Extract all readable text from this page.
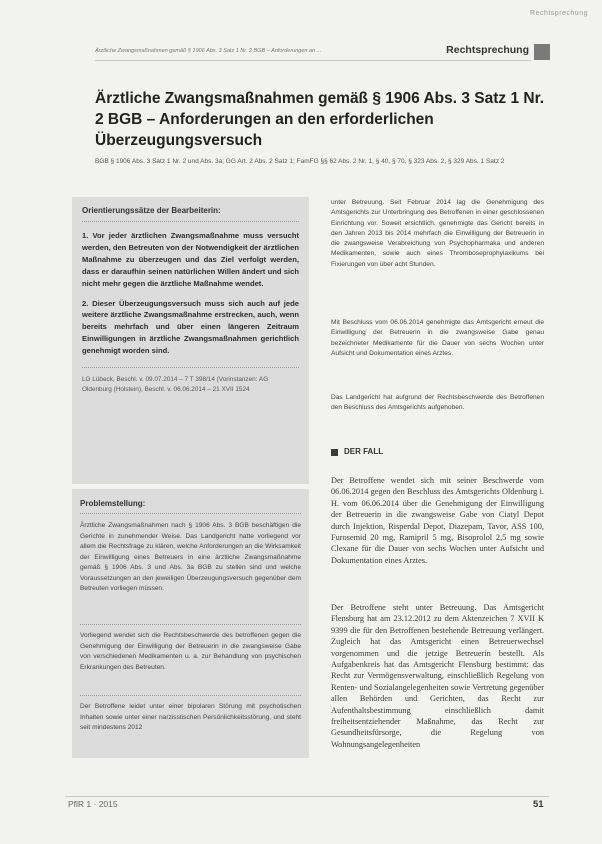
Rechtsprechung
Ärztliche Zwangsmaßnahmen gemäß § 1906 Abs. 3 Satz 1 Nr. 2 BGB – Anforderungen an ...	Rechtsprechung
Ärztliche Zwangsmaßnahmen gemäß § 1906 Abs. 3 Satz 1 Nr. 2 BGB – Anforderungen an den erforderlichen Überzeugungsversuch
BGB § 1906 Abs. 3 Satz 1 Nr. 2 und Abs. 3a; GG Art. 2 Abs. 2 Satz 1; FamFG §§ 62 Abs. 2 Nr. 1, § 40, § 70, § 323 Abs. 2, § 329 Abs. 1 Satz 2
Orientierungssätze der Bearbeiterin:

1. Vor jeder ärztlichen Zwangsmaßnahme muss versucht werden, den Betreuten von der Notwendigkeit der ärztlichen Maßnahme zu überzeugen und das Ziel verfolgt werden, dass er daraufhin seinen natürlichen Willen ändert und sich nicht mehr gegen die ärztliche Maßnahme wendet.

2. Dieser Überzeugungsversuch muss sich auch auf jede weitere ärztliche Zwangsmaßnahme erstrecken, auch, wenn bereits mehrfach und über einen längeren Zeitraum Einwilligungen in ärztliche Zwangsmaßnahmen gerichtlich genehmigt worden sind.

LG Lübeck, Beschl. v. 09.07.2014 – 7 T 398/14 (Vorinstanzen: AG Oldenburg (Holstein), Beschl. v. 06.06.2014 – 21 XVII 1524
Problemstellung:

Ärztliche Zwangsmaßnahmen nach § 1906 Abs. 3 BGB beschäftigen die Gerichte in zunehmender Weise. Das Landgericht hatte vorliegend vor allem die Rechtsfrage zu klären, welche Anforderungen an die Wirksamkeit der Einwilligung eines Betreuers in eine ärztliche Zwangsmaßnahme gemäß § 1906 Abs. 3 und Abs. 3a BGB zu stellen sind und welche Voraussetzungen an den jeweiligen Überzeugungsversuch gegenüber dem Betreuten vorliegen müssen.

Vorliegend wendet sich die Rechtsbeschwerde des betroffenen gegen die Genehmigung der Einwilligung der Betreuerin in die zwangsweise Gabe von verschiedenen Medikamenten u. a. zur Behandlung von psychischen Erkrankungen des Betreuten.

Der Betroffene leidet unter einer bipolaren Störung mit psychotischen Inhalten sowie unter einer narzisstischen Persönlichkeitsstörung, und steht seit mindestens 2012

unter Betreuung. Seit Februar 2014 lag die Genehmigung des Amtsgerichts zur Unterbringung des Betroffenen in einer geschlossenen Einrichtung vor. Soweit ersichtlich, genehmigte das Gericht bereits in den Jahren 2013 bis 2014 mehrfach die Einwilligung der Betreuerin in die zwangsweise Verabreichung von Psychopharmaka und anderen Medikamenten, sowie auch eines Thromboseprophylaxikums bei Fixierungen von über acht Stunden.

Mit Beschluss vom 06.06.2014 genehmigte das Amtsgericht erneut die Einwilligung der Betreuerin in die zwangsweise Gabe genau bezeichneter Medikamente für die Dauer von sechs Wochen unter Aufsicht und Dokumentation eines Arztes.

Das Landgericht hat aufgrund der Rechtsbeschwerde des Betroffenen den Beschluss des Amtsgerichts aufgehoben.

DER FALL

Der Betroffene wendet sich mit seiner Beschwerde vom 06.06.2014 gegen den Beschluss des Amtsgerichts Oldenburg i. H. vom 06.06.2014 über die Genehmigung der Einwilligung der Betreuerin in die zwangsweise Gabe von Ciatyl Depot durch Injektion, Risperdal Depot, Diazepam, Tavor, ASS 100, Furosemid 20 mg, Ramipril 5 mg, Bisoprolol 2,5 mg sowie Clexane für die Dauer von sechs Wochen unter Aufsicht und Dokumentation eines Arztes.

Der Betroffene steht unter Betreuung. Das Amtsgericht Flensburg hat am 23.12.2012 zu dem Aktenzeichen 7 XVII K 9399 die für den Betroffenen bestehende Betreuung verlängert. Zugleich hat das Amtsgericht einen Betreuerwechsel vorgenommen und die jetzige Betreuerin bestellt. Als Aufgabenkreis hat das Amtsgericht Flensburg bestimmt: das Recht zur Vermögensverwaltung, einschließlich Regelung von Renten- und Sozialangelegenheiten sowie Vertretung gegenüber allen Behörden und Gerichten, das Recht zur Aufenthaltsbestimmung einschließlich damit freiheitsentziehender Maßnahme, das Recht zur Gesundheitsfürsorge, die Regelung von Wohnungsangelegenheiten

PflR 1 · 2015	51
